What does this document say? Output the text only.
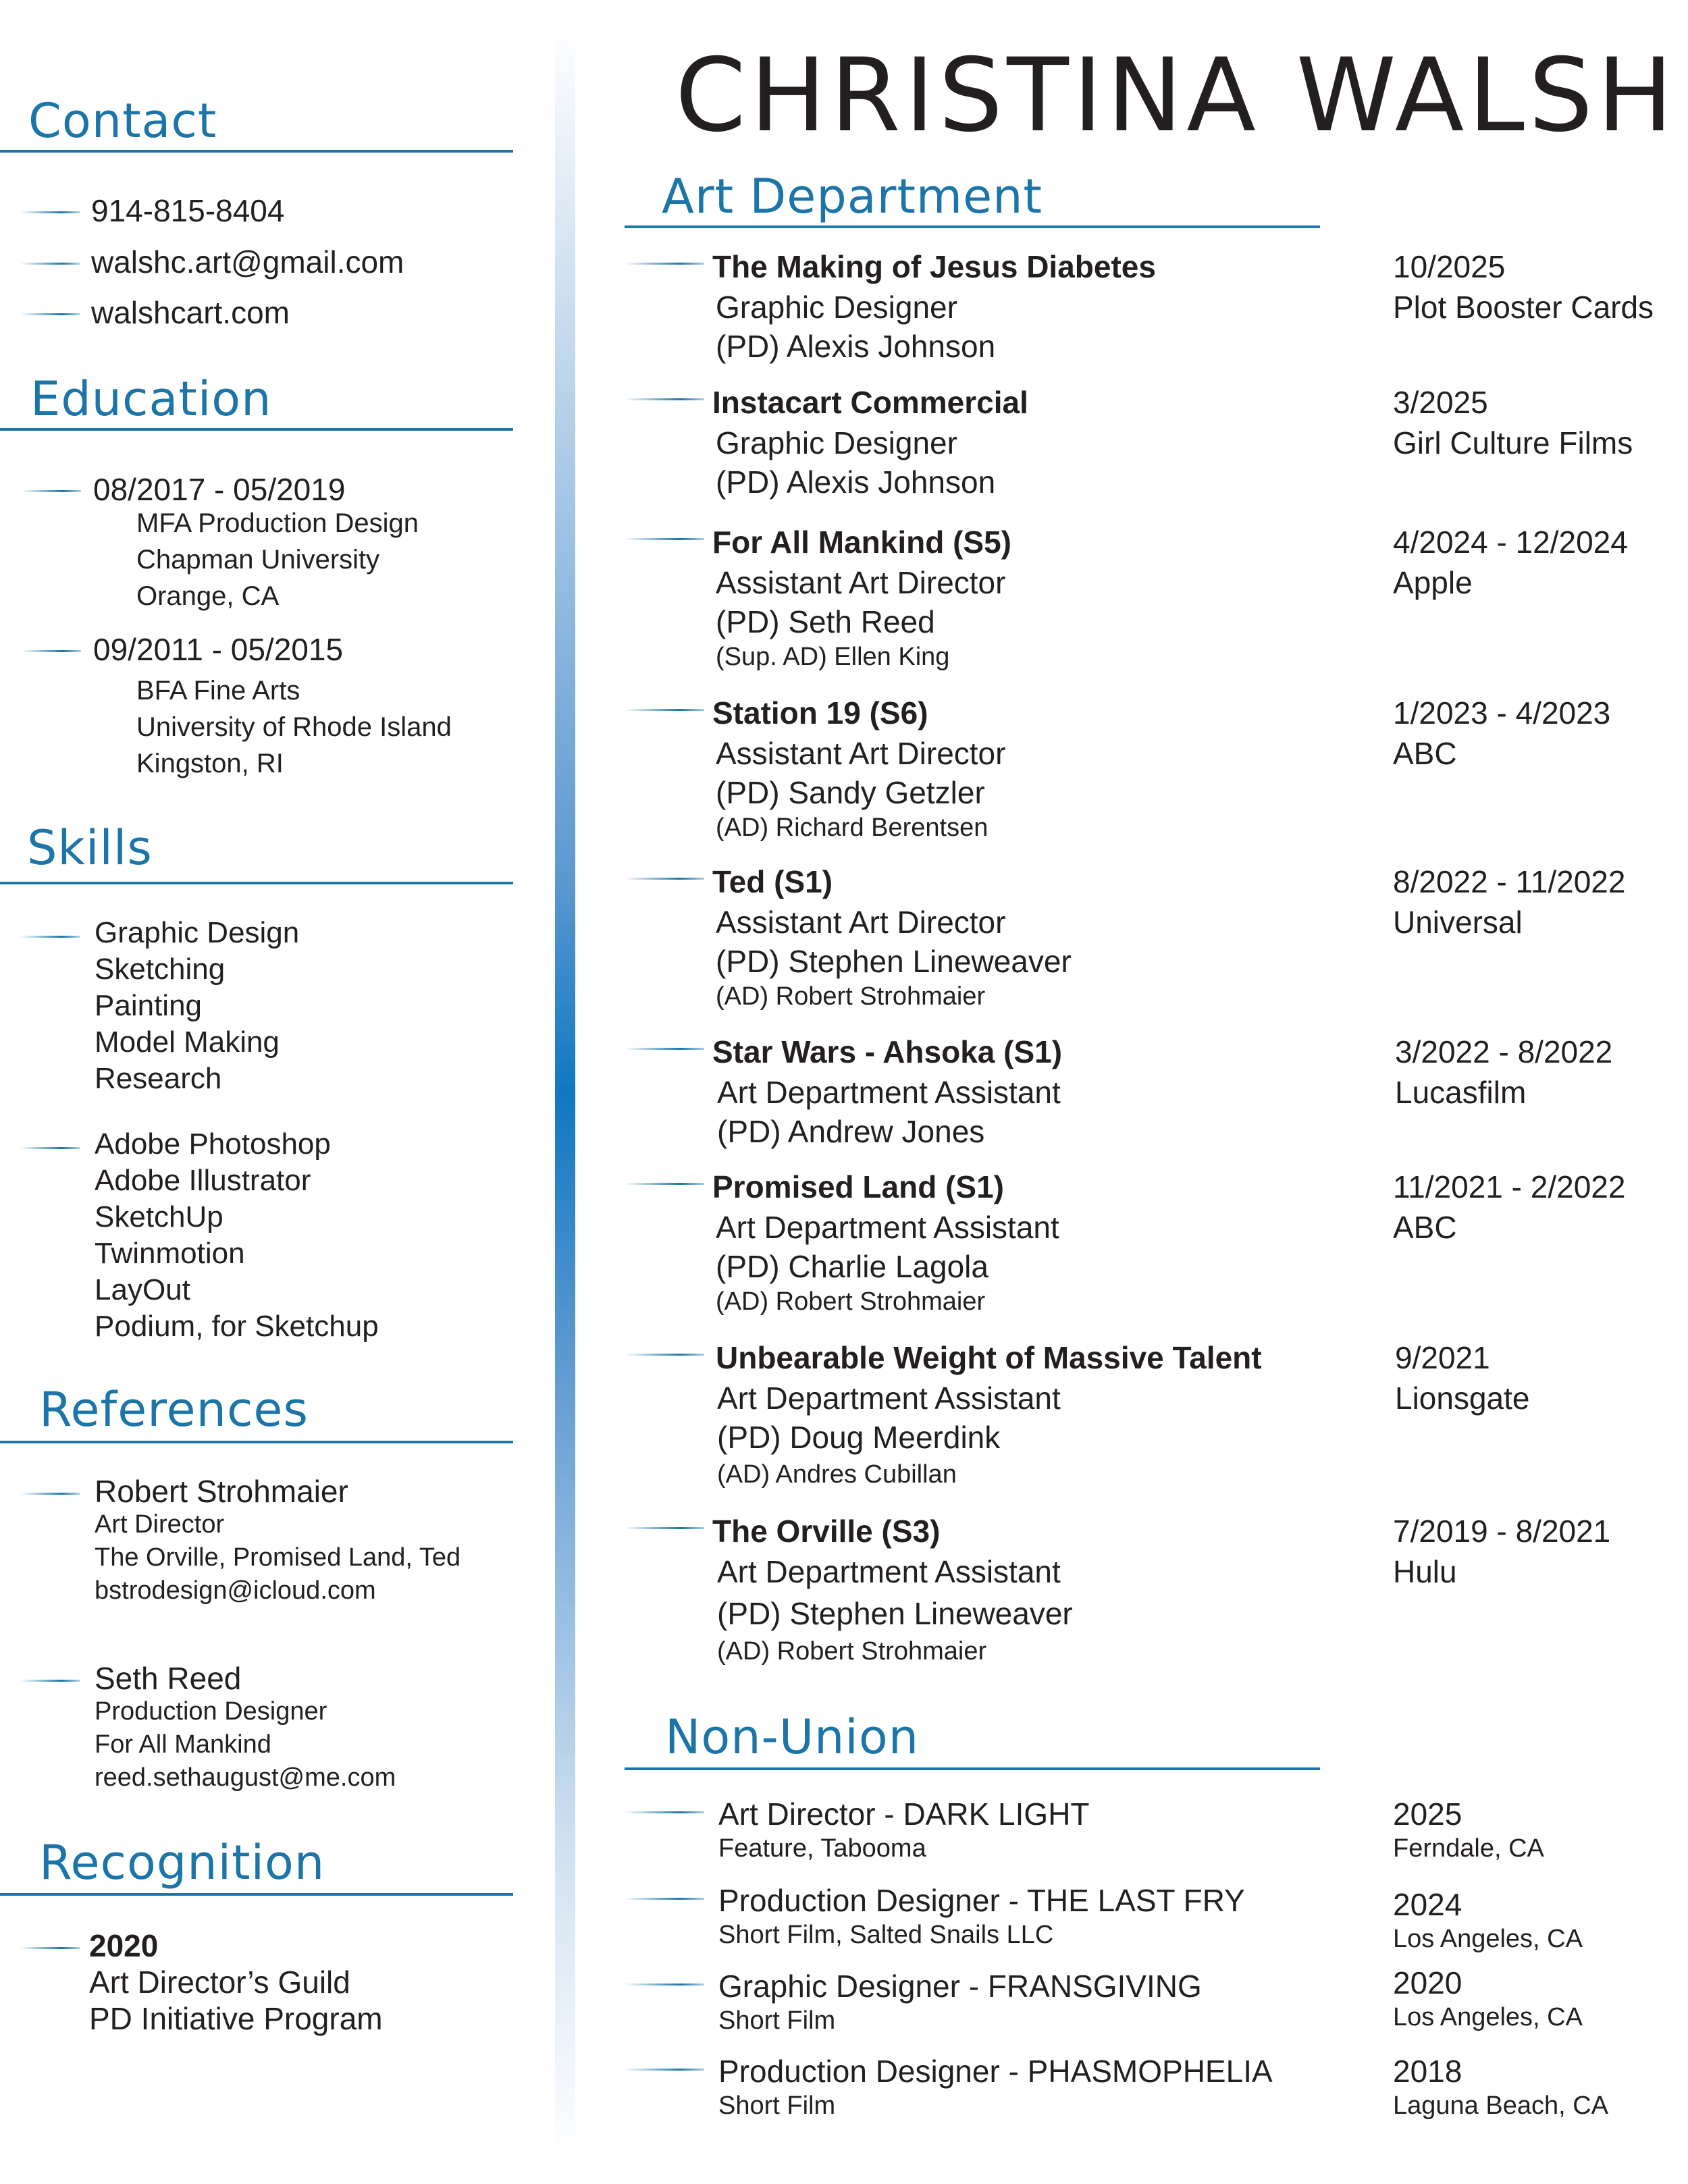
CHRISTINA WALSH
Contact
914-815-8404
walshc.art@gmail.com
walshcart.com
Education
08/2017 - 05/2019
MFA Production Design
Chapman University
Orange, CA
09/2011 - 05/2015
BFA Fine Arts
University of Rhode Island
Kingston, RI
Skills
Graphic Design
Sketching
Painting
Model Making
Research
Adobe Photoshop
Adobe Illustrator
SketchUp
Twinmotion
LayOut
Podium, for Sketchup
References
Robert Strohmaier
Art Director
The Orville, Promised Land, Ted
bstrodesign@icloud.com
Seth Reed
Production Designer
For All Mankind
reed.sethaugust@me.com
Recognition
2020
Art Director’s Guild
PD Initiative Program
Art Department
The Making of Jesus Diabetes
Graphic Designer
(PD) Alexis Johnson
10/2025
Plot Booster Cards
Instacart Commercial
Graphic Designer
(PD) Alexis Johnson
3/2025
Girl Culture Films
For All Mankind (S5)
Assistant Art Director
(PD) Seth Reed
(Sup. AD) Ellen King
4/2024 - 12/2024
Apple
Station 19 (S6)
Assistant Art Director
(PD) Sandy Getzler
(AD) Richard Berentsen
1/2023 - 4/2023
ABC
Ted (S1)
Assistant Art Director
(PD) Stephen Lineweaver
(AD) Robert Strohmaier
8/2022 - 11/2022
Universal
Star Wars - Ahsoka (S1)
Art Department Assistant
(PD) Andrew Jones
3/2022 - 8/2022
Lucasfilm
Promised Land (S1)
Art Department Assistant
(PD) Charlie Lagola
(AD) Robert Strohmaier
11/2021 - 2/2022
ABC
Unbearable Weight of Massive Talent
Art Department Assistant
(PD) Doug Meerdink
(AD) Andres Cubillan
9/2021
Lionsgate
The Orville (S3)
Art Department Assistant
(PD) Stephen Lineweaver
(AD) Robert Strohmaier
7/2019 - 8/2021
Hulu
Non-Union
Art Director - DARK LIGHT
Feature, Tabooma
2025
Ferndale, CA
Production Designer - THE LAST FRY
Short Film, Salted Snails LLC
2024
Los Angeles, CA
Graphic Designer - FRANSGIVING
Short Film
2020
Los Angeles, CA
Production Designer - PHASMOPHELIA
Short Film
2018
Laguna Beach, CA
